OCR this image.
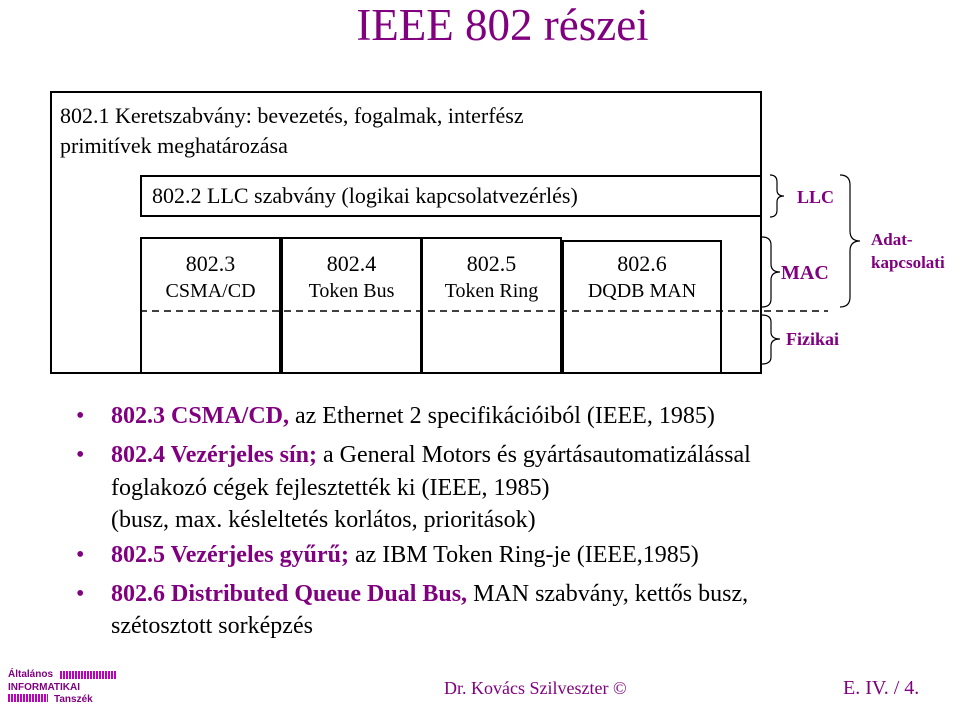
IEEE 802 részei
802.1 Keretszabvány: bevezetés, fogalmak, interfész
primitívek meghatározása
802.2 LLC szabvány (logikai kapcsolatvezérlés)
802.3
CSMA/CD
802.4
Token Bus
802.5
Token Ring
802.6
DQDB MAN
LLC
MAC
Fizikai
Adat-
kapcsolati
• 802.3 CSMA/CD, az Ethernet 2 specifikációiból (IEEE, 1985)
• 802.4 Vezérjeles sín; a General Motors és gyártásautomatizálással
foglakozó cégek fejlesztették ki (IEEE, 1985)
(busz, max. késleltetés korlátos, prioritások)
• 802.5 Vezérjeles gyűrű; az IBM Token Ring-je (IEEE,1985)
• 802.6 Distributed Queue Dual Bus, MAN szabvány, kettős busz,
szétosztott sorképzés
Általános
INFORMATIKAI
Tanszék
Dr. Kovács Szilveszter ©	E. IV. / 4.
